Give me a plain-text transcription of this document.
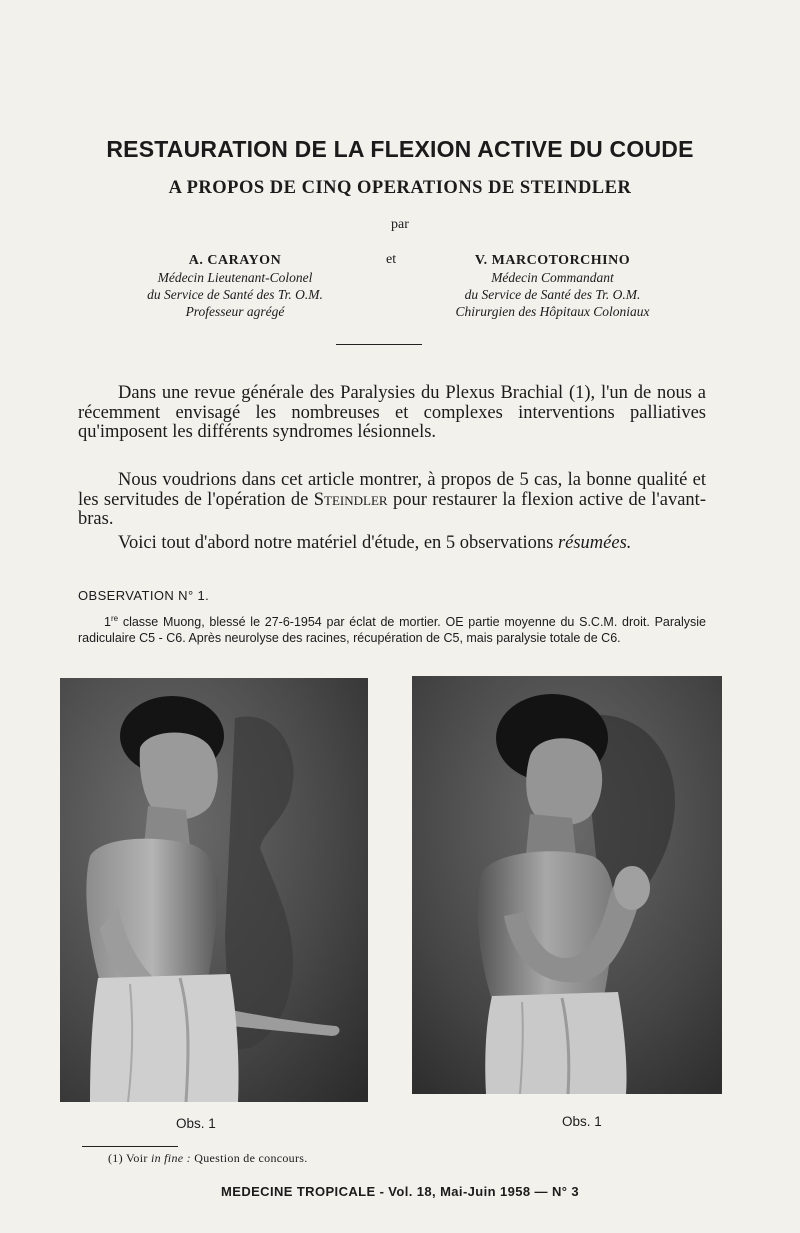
RESTAURATION DE LA FLEXION ACTIVE DU COUDE
A PROPOS DE CINQ OPERATIONS DE STEINDLER
par
A. CARAYON
Médecin Lieutenant-Colonel
du Service de Santé des Tr. O.M.
Professeur agrégé
et	V. MARCOTORCHINO
Médecin Commandant
du Service de Santé des Tr. O.M.
Chirurgien des Hôpitaux Coloniaux

Dans une revue générale des Paralysies du Plexus Brachial (1), l'un de nous a récemment envisagé les nombreuses et complexes interventions palliatives qu'imposent les différents syndromes lésionnels.

Nous voudrions dans cet article montrer, à propos de 5 cas, la bonne qualité et les servitudes de l'opération de Steindler pour restaurer la flexion active de l'avant-bras.

Voici tout d'abord notre matériel d'étude, en 5 observations résumées.

OBSERVATION N° 1.

1re classe Muong, blessé le 27-6-1954 par éclat de mortier. OE partie moyenne du S.C.M. droit. Paralysie radiculaire C5 - C6. Après neurolyse des racines, récupération de C5, mais paralysie totale de C6.

Obs. 1	Obs. 1
(1) Voir in fine : Question de concours.
MEDECINE TROPICALE - Vol. 18, Mai-Juin 1958 — N° 3
